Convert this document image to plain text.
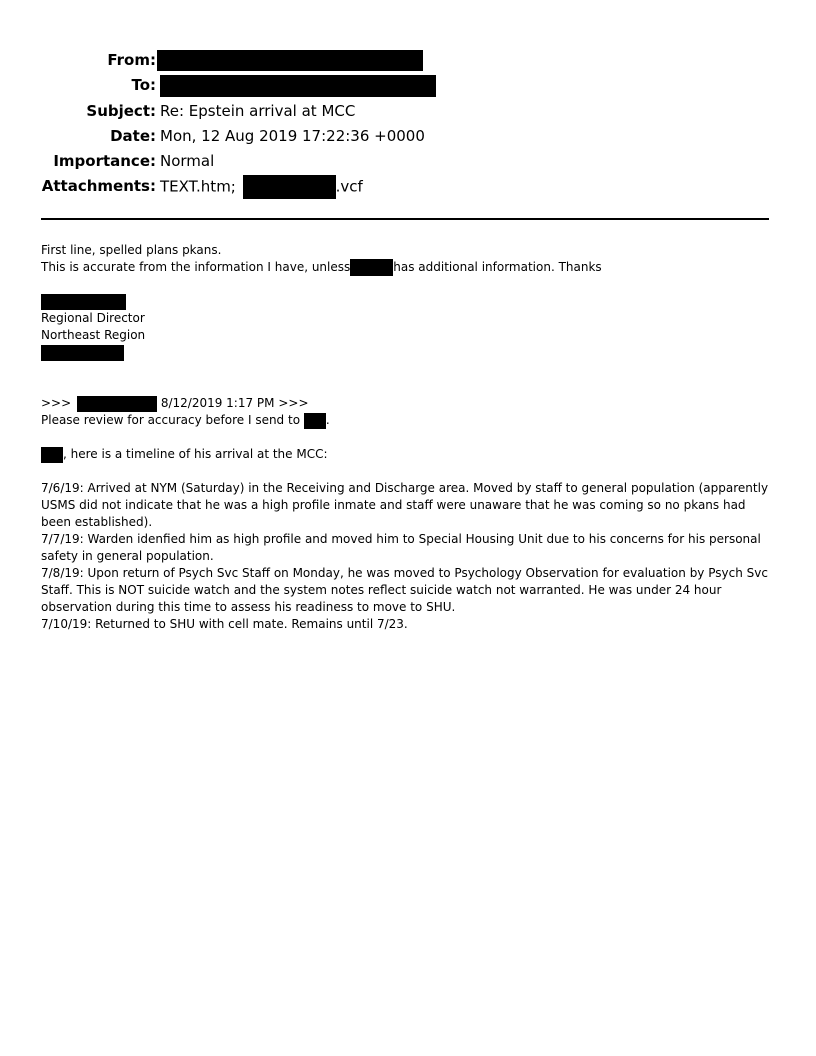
From:
To:
Subject: Re: Epstein arrival at MCC
Date: Mon, 12 Aug 2019 17:22:36 +0000
Importance: Normal
Attachments: TEXT.htm;	.vcf
First line, spelled plans pkans.
This is accurate from the information I have, unless	has additional information. Thanks
Regional Director
Northeast Region
>>>	8/12/2019 1:17 PM >>>
Please review for accuracy before I send to .
, here is a timeline of his arrival at the MCC:
7/6/19: Arrived at NYM (Saturday) in the Receiving and Discharge area. Moved by staff to general population (apparently USMS did not indicate that he was a high profile inmate and staff were unaware that he was coming so no pkans had been established).
7/7/19: Warden idenfied him as high profile and moved him to Special Housing Unit due to his concerns for his personal safety in general population.
7/8/19: Upon return of Psych Svc Staff on Monday, he was moved to Psychology Observation for evaluation by Psych Svc Staff. This is NOT suicide watch and the system notes reflect suicide watch not warranted. He was under 24 hour observation during this time to assess his readiness to move to SHU.
7/10/19: Returned to SHU with cell mate. Remains until 7/23.
